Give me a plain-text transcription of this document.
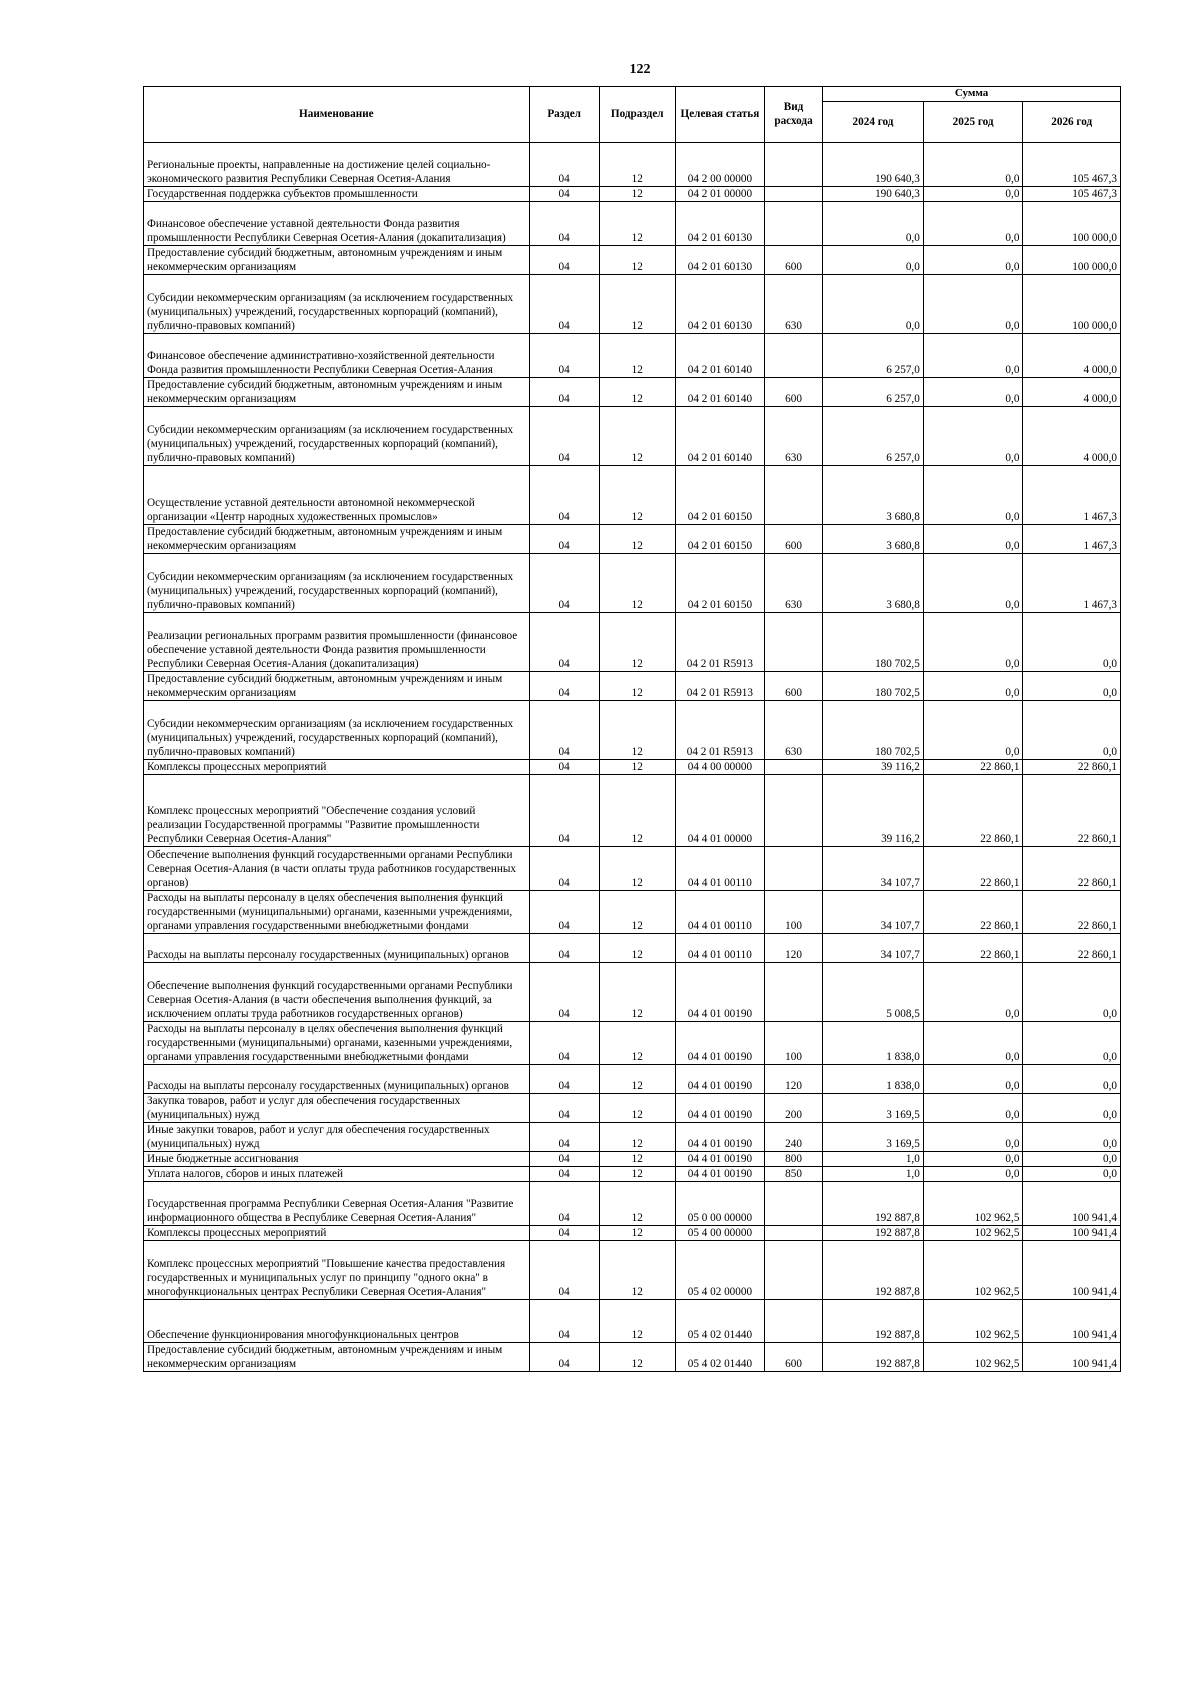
122
Наименование	Раздел	Подраздел	Целевая статья	Вид расхода	Сумма		
					2024 год	2025 год	2026 год
Региональные проекты, направленные на достижение целей социально-экономического развития Республики Северная Осетия-Алания	04	12	04 2 00 00000		190 640,3	0,0	105 467,3
Государственная поддержка субъектов промышленности	04	12	04 2 01 00000		190 640,3	0,0	105 467,3
Финансовое обеспечение уставной деятельности Фонда развития промышленности Республики Северная Осетия-Алания (докапитализация)	04	12	04 2 01 60130		0,0	0,0	100 000,0
Предоставление субсидий бюджетным, автономным учреждениям и иным некоммерческим организациям	04	12	04 2 01 60130	600	0,0	0,0	100 000,0
Субсидии некоммерческим организациям (за исключением государственных (муниципальных) учреждений, государственных корпораций (компаний), публично-правовых компаний)	04	12	04 2 01 60130	630	0,0	0,0	100 000,0
Финансовое обеспечение административно-хозяйственной деятельности Фонда развития промышленности Республики Северная Осетия-Алания	04	12	04 2 01 60140		6 257,0	0,0	4 000,0
Предоставление субсидий бюджетным, автономным учреждениям и иным некоммерческим организациям	04	12	04 2 01 60140	600	6 257,0	0,0	4 000,0
Субсидии некоммерческим организациям (за исключением государственных (муниципальных) учреждений, государственных корпораций (компаний), публично-правовых компаний)	04	12	04 2 01 60140	630	6 257,0	0,0	4 000,0
Осуществление уставной деятельности автономной некоммерческой организации «Центр народных художественных промыслов»	04	12	04 2 01 60150		3 680,8	0,0	1 467,3
Предоставление субсидий бюджетным, автономным учреждениям и иным некоммерческим организациям	04	12	04 2 01 60150	600	3 680,8	0,0	1 467,3
Субсидии некоммерческим организациям (за исключением государственных (муниципальных) учреждений, государственных корпораций (компаний), публично-правовых компаний)	04	12	04 2 01 60150	630	3 680,8	0,0	1 467,3
Реализации региональных программ развития промышленности (финансовое обеспечение уставной деятельности Фонда развития промышленности Республики Северная Осетия-Алания (докапитализация)	04	12	04 2 01 R5913		180 702,5	0,0	0,0
Предоставление субсидий бюджетным, автономным учреждениям и иным некоммерческим организациям	04	12	04 2 01 R5913	600	180 702,5	0,0	0,0
Субсидии некоммерческим организациям (за исключением государственных (муниципальных) учреждений, государственных корпораций (компаний), публично-правовых компаний)	04	12	04 2 01 R5913	630	180 702,5	0,0	0,0
Комплексы процессных мероприятий	04	12	04 4 00 00000		39 116,2	22 860,1	22 860,1
Комплекс процессных мероприятий "Обеспечение создания условий реализации Государственной программы "Развитие промышленности Республики Северная Осетия-Алания"	04	12	04 4 01 00000		39 116,2	22 860,1	22 860,1
Обеспечение выполнения функций государственными органами Республики Северная Осетия-Алания (в части оплаты труда работников государственных органов)	04	12	04 4 01 00110		34 107,7	22 860,1	22 860,1
Расходы на выплаты персоналу в целях обеспечения выполнения функций государственными (муниципальными) органами, казенными учреждениями, органами управления государственными внебюджетными фондами	04	12	04 4 01 00110	100	34 107,7	22 860,1	22 860,1
Расходы на выплаты персоналу государственных (муниципальных) органов	04	12	04 4 01 00110	120	34 107,7	22 860,1	22 860,1
Обеспечение выполнения функций государственными органами Республики Северная Осетия-Алания (в части обеспечения выполнения функций, за исключением оплаты труда работников государственных органов)	04	12	04 4 01 00190		5 008,5	0,0	0,0
Расходы на выплаты персоналу в целях обеспечения выполнения функций государственными (муниципальными) органами, казенными учреждениями, органами управления государственными внебюджетными фондами	04	12	04 4 01 00190	100	1 838,0	0,0	0,0
Расходы на выплаты персоналу государственных (муниципальных) органов	04	12	04 4 01 00190	120	1 838,0	0,0	0,0
Закупка товаров, работ и услуг для обеспечения государственных (муниципальных) нужд	04	12	04 4 01 00190	200	3 169,5	0,0	0,0
Иные закупки товаров, работ и услуг для обеспечения государственных (муниципальных) нужд	04	12	04 4 01 00190	240	3 169,5	0,0	0,0
Иные бюджетные ассигнования	04	12	04 4 01 00190	800	1,0	0,0	0,0
Уплата налогов, сборов и иных платежей	04	12	04 4 01 00190	850	1,0	0,0	0,0
Государственная программа Республики Северная Осетия-Алания "Развитие информационного общества в Республике Северная Осетия-Алания"	04	12	05 0 00 00000		192 887,8	102 962,5	100 941,4
Комплексы процессных мероприятий	04	12	05 4 00 00000		192 887,8	102 962,5	100 941,4
Комплекс процессных мероприятий "Повышение качества предоставления государственных и муниципальных услуг по принципу "одного окна" в многофункциональных центрах Республики Северная Осетия-Алания"	04	12	05 4 02 00000		192 887,8	102 962,5	100 941,4
Обеспечение функционирования многофункциональных центров	04	12	05 4 02 01440		192 887,8	102 962,5	100 941,4
Предоставление субсидий бюджетным, автономным учреждениям и иным некоммерческим организациям	04	12	05 4 02 01440	600	192 887,8	102 962,5	100 941,4
